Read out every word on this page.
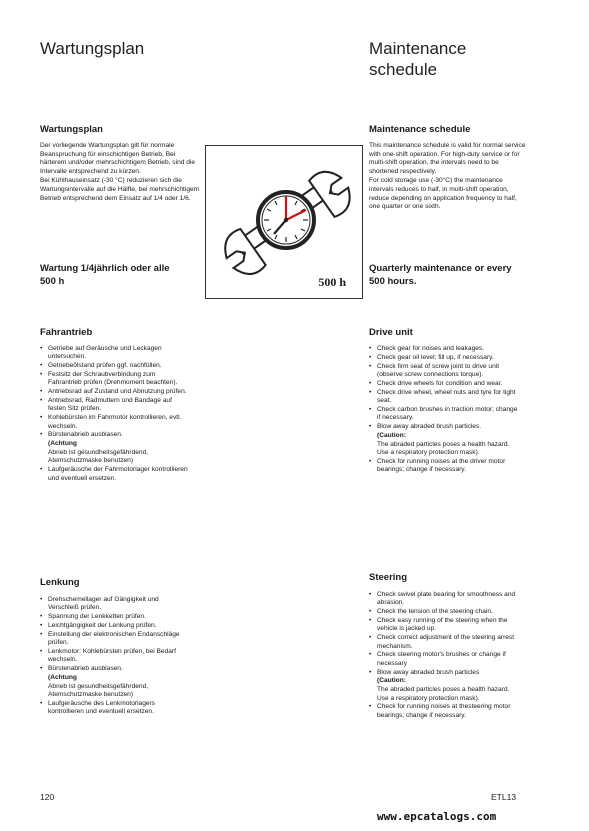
Wartungsplan	Maintenance
schedule
Wartungsplan

Der vorliegende Wartungsplan gilt für normale Beanspruchung für einschichtigen Betrieb. Bei härterem und/oder mehrschichtigem Betrieb, sind die Intervalle entsprechend zu kürzen.

Bei Kühlhauseinsatz (-30 °C) reduzieren sich die Wartungsintervalle auf die Hälfte, bei mehrschichtigem Betrieb entsprechend dem Einsatz auf 1/4 oder 1/6.

Maintenance schedule

This maintenance schedule is valid for normal service with one-shift operation. For high-duty service or for multi-shift operation, the intervals need to be shortened respectively.

For cold storage use (-30°C) the maintenance intervals reduces to half, in multi-shift operation, reduce depending on application frequency to half, one quarter or one sixth.

500 h
Wartung 1/4jährlich oder alle
500 h
Quarterly maintenance or every
500 hours.
Fahrantrieb
• Getriebe auf Geräusche und Leckagen untersuchen.
• Getriebeölstand prüfen ggf. nachfüllen.
• Festsitz der Schraubverbindung zum Fahrantrieb prüfen (Drehmoment beachten).
• Antriebsrad auf Zustand und Abnutzung prüfen.
• Antriebsrad, Radmuttern und Bandage auf festen Sitz prüfen.
• Kohlebürsten im Fahrmotor kontrollieren, evtl. wechseln.
• Bürstenabrieb ausblasen.
(Achtung
Abrieb ist gesundheitsgefährdend, Atemschutzmaske benutzen)
• Laufgeräusche der Fahrmotorlager kontrollieren und eventuell ersetzen.
Drive unit
• Check gear for noises and leakages.
• Check gear oil level; fill up, if necessary.
• Check firm seat of screw joint to drive unit (observe screw connections torque).
• Check drive wheels for condition and wear.
• Check drive wheel, wheel nuts and tyre for tight seat.
• Check carbon brushes in traction motor; change if necessary.
• Blow away abraded brush particles.
(Caution:
The abraded particles poses a health hazard. Use a respiratory protection mask).
• Check for running noises at the driver motor bearings; change if necessary.
Lenkung
• Drehschemellager auf Gängigkeit und Verschleiß prüfen.
• Spannung der Lenkketten prüfen.
• Leichtgängigkeit der Lenkung prüfen.
• Einstellung der elektronischen Endanschläge prüfen.
• Lenkmotor: Kohlebürsten prüfen, bei Bedarf wechseln.
• Bürstenabrieb ausblasen.
(Achtung
Abrieb ist gesundheitsgefährdend, Atemschutzmaske benutzen)
• Laufgeräusche des Lenkmotorlagers kontrollieren und eventuell ersetzen.
Steering
• Check swivel plate bearing for smoothness and abrasion.
• Check the tension of the steering chain.
• Check easy running of the steering when the vehicle is jacked up.
• Check correct adjustment of the steering arrest mechanism.
• Check steering motor's brushes or change if necessary
• Blow away abraded brush particles
(Caution:
The abraded particles poses a health hazard. Use a respiratory protection mask).
• Check for running noises at thesteering motor bearings; change if necessary.
120	ETL13
www.epcatalogs.com
